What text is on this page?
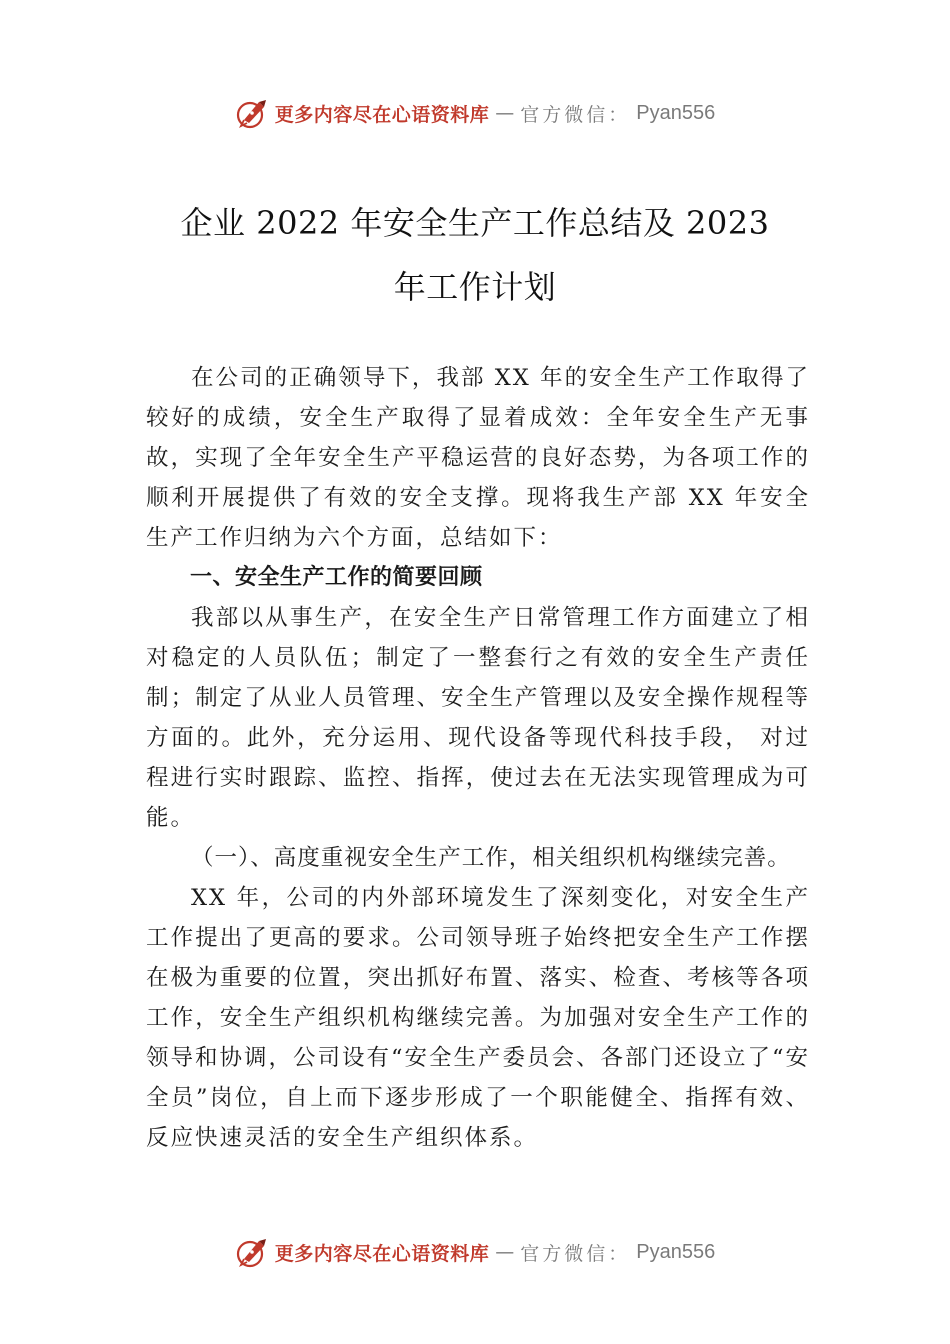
更多内容尽在心语资料库 — 官方微信： Pyan556
企业 2022 年安全生产工作总结及 2023
年工作计划

在公司的正确领导下，我部 XX 年的安全生产工作取得了较好的成绩，安全生产取得了显着成效：全年安全生产无事故，实现了全年安全生产平稳运营的良好态势，为各项工作的顺利开展提供了有效的安全支撑。现将我生产部 XX 年安全生产工作归纳为六个方面，总结如下：

一、安全生产工作的简要回顾

我部以从事生产，在安全生产日常管理工作方面建立了相对稳定的人员队伍；制定了一整套行之有效的安全生产责任制；制定了从业人员管理、安全生产管理以及安全操作规程等方面的。此外，充分运用、现代设备等现代科技手段， 对过程进行实时跟踪、监控、指挥，使过去在无法实现管理成为可能。

（一）、高度重视安全生产工作，相关组织机构继续完善。

XX 年，公司的内外部环境发生了深刻变化，对安全生产工作提出了更高的要求。公司领导班子始终把安全生产工作摆在极为重要的位置，突出抓好布置、落实、检查、考核等各项工作，安全生产组织机构继续完善。为加强对安全生产工作的领导和协调，公司设有“安全生产委员会、各部门还设立了“安全员”岗位，自上而下逐步形成了一个职能健全、指挥有效、反应快速灵活的安全生产组织体系。

更多内容尽在心语资料库 — 官方微信： Pyan556
